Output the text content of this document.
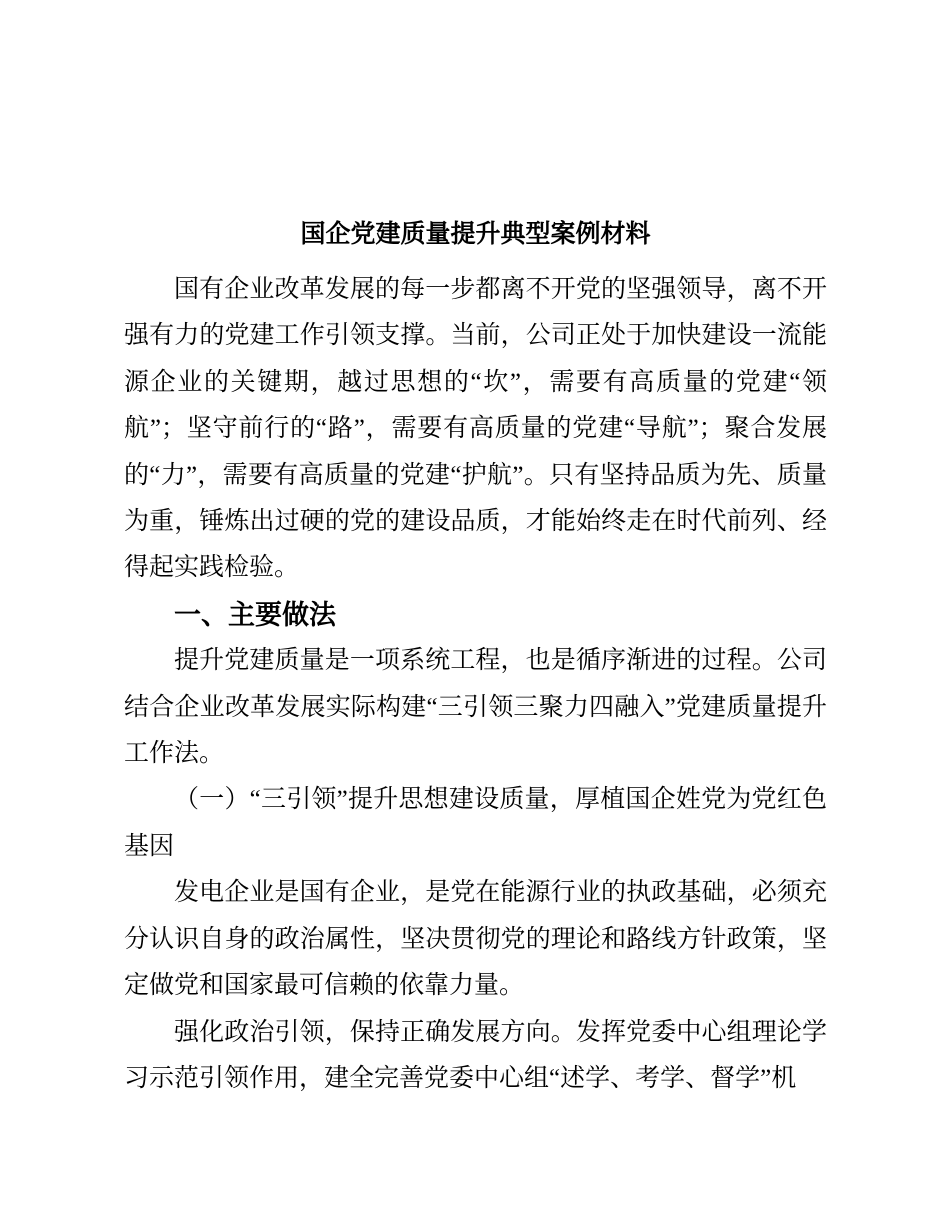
国企党建质量提升典型案例材料

国有企业改革发展的每一步都离不开党的坚强领导，离不开强有力的党建工作引领支撑。当前，公司正处于加快建设一流能源企业的关键期，越过思想的“坎”，需要有高质量的党建“领航”；坚守前行的“路”，需要有高质量的党建“导航”；聚合发展的“力”，需要有高质量的党建“护航”。只有坚持品质为先、质量为重，锤炼出过硬的党的建设品质，才能始终走在时代前列、经得起实践检验。

一、主要做法

提升党建质量是一项系统工程，也是循序渐进的过程。公司结合企业改革发展实际构建“三引领三聚力四融入”党建质量提升工作法。

（一）“三引领”提升思想建设质量，厚植国企姓党为党红色基因

发电企业是国有企业，是党在能源行业的执政基础，必须充分认识自身的政治属性，坚决贯彻党的理论和路线方针政策，坚定做党和国家最可信赖的依靠力量。

强化政治引领，保持正确发展方向。发挥党委中心组理论学习示范引领作用，建全完善党委中心组“述学、考学、督学”机
